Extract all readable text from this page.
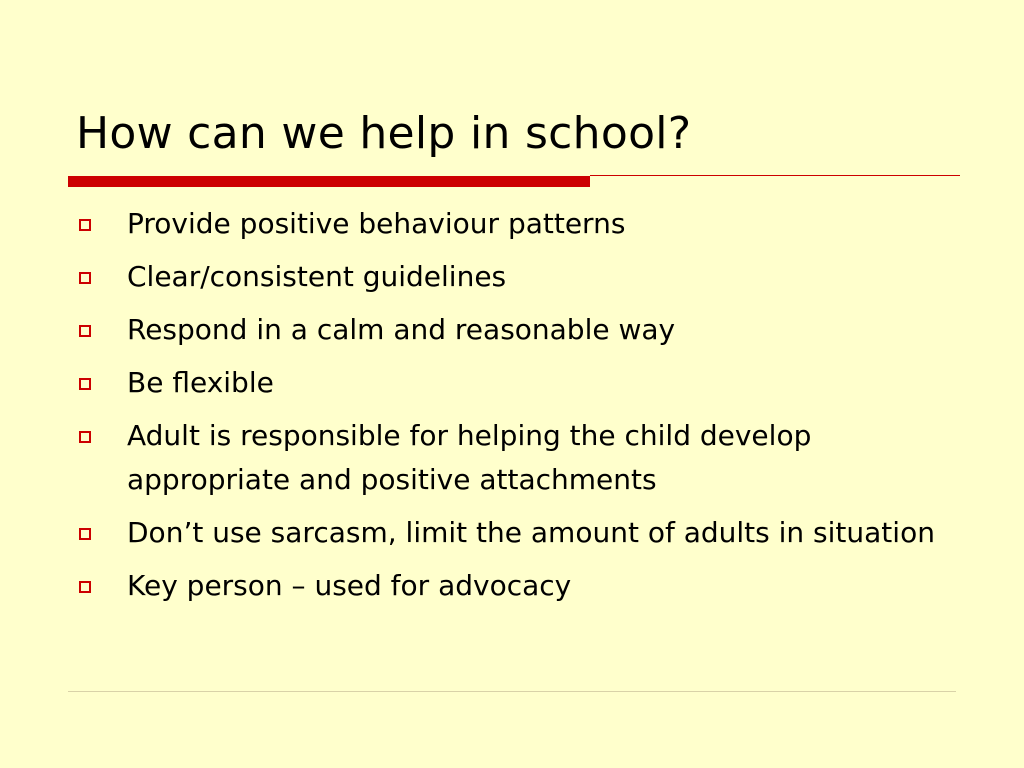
How can we help in school?
Provide positive behaviour patterns
Clear/consistent guidelines
Respond in a calm and reasonable way
Be flexible
Adult is responsible for helping the child develop appropriate and positive attachments
Don’t use sarcasm, limit the amount of adults in situation
Key person – used for advocacy
